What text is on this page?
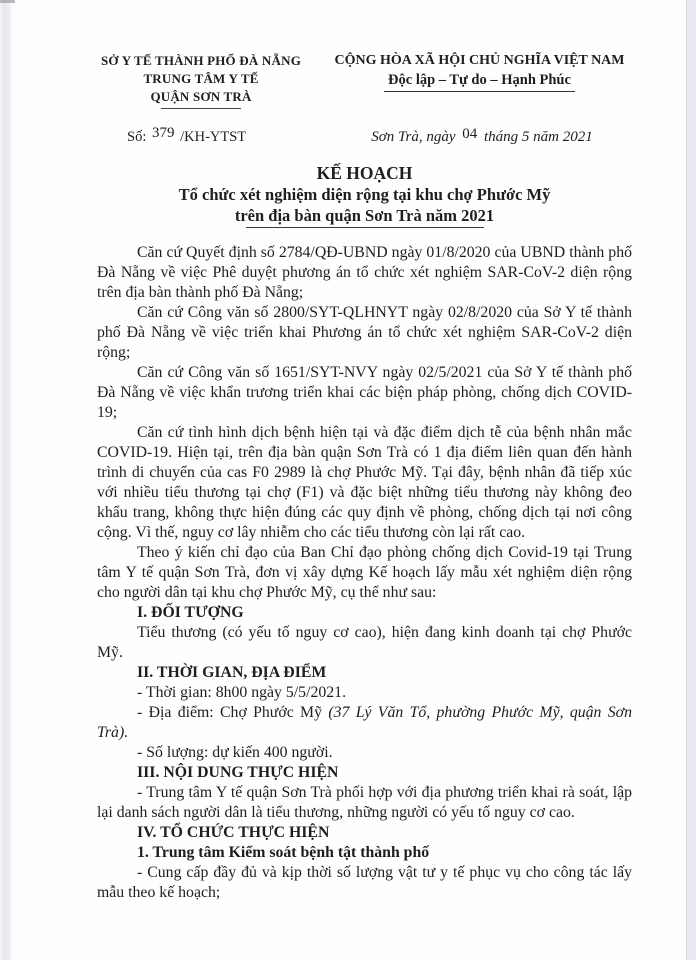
SỞ Y TẾ THÀNH PHỐ ĐÀ NẴNG
TRUNG TÂM Y TẾ
QUẬN SƠN TRÀ
CỘNG HÒA XÃ HỘI CHỦ NGHĨA VIỆT NAM
Độc lập – Tự do – Hạnh Phúc
Số: 379 /KH-YTST	Sơn Trà, ngày 04 tháng 5 năm 2021
KẾ HOẠCH
Tổ chức xét nghiệm diện rộng tại khu chợ Phước Mỹ
trên địa bàn quận Sơn Trà năm 2021

Căn cứ Quyết định số 2784/QĐ-UBND ngày 01/8/2020 của UBND thành phố Đà Nẵng về việc Phê duyệt phương án tổ chức xét nghiệm SAR-CoV-2 diện rộng trên địa bàn thành phố Đà Nẵng;

Căn cứ Công văn số 2800/SYT-QLHNYT ngày 02/8/2020 của Sở Y tế thành phố Đà Nẵng về việc triển khai Phương án tổ chức xét nghiệm SAR-CoV-2 diện rộng;

Căn cứ Công văn số 1651/SYT-NVY ngày 02/5/2021 của Sở Y tế thành phố Đà Nẵng về việc khẩn trương triển khai các biện pháp phòng, chống dịch COVID-19;

Căn cứ tình hình dịch bệnh hiện tại và đặc điểm dịch tễ của bệnh nhân mắc COVID-19. Hiện tại, trên địa bàn quận Sơn Trà có 1 địa điểm liên quan đến hành trình di chuyển của cas F0 2989 là chợ Phước Mỹ. Tại đây, bệnh nhân đã tiếp xúc với nhiều tiểu thương tại chợ (F1) và đặc biệt những tiểu thương này không đeo khẩu trang, không thực hiện đúng các quy định về phòng, chống dịch tại nơi công cộng. Vì thế, nguy cơ lây nhiễm cho các tiểu thương còn lại rất cao.

Theo ý kiến chỉ đạo của Ban Chỉ đạo phòng chống dịch Covid-19 tại Trung tâm Y tế quận Sơn Trà, đơn vị xây dựng Kế hoạch lấy mẫu xét nghiệm diện rộng cho người dân tại khu chợ Phước Mỹ, cụ thể như sau:

I. ĐỐI TƯỢNG

Tiểu thương (có yếu tố nguy cơ cao), hiện đang kinh doanh tại chợ Phước Mỹ.

II. THỜI GIAN, ĐỊA ĐIỂM

- Thời gian: 8h00 ngày 5/5/2021.

- Địa điểm: Chợ Phước Mỹ (37 Lý Văn Tổ, phường Phước Mỹ, quận Sơn Trà).

- Số lượng: dự kiến 400 người.

III. NỘI DUNG THỰC HIỆN

- Trung tâm Y tế quận Sơn Trà phối hợp với địa phương triển khai rà soát, lập lại danh sách người dân là tiểu thương, những người có yếu tố nguy cơ cao.

IV. TỔ CHỨC THỰC HIỆN

1. Trung tâm Kiểm soát bệnh tật thành phố

- Cung cấp đầy đủ và kịp thời số lượng vật tư y tế phục vụ cho công tác lấy mẫu theo kế hoạch;
